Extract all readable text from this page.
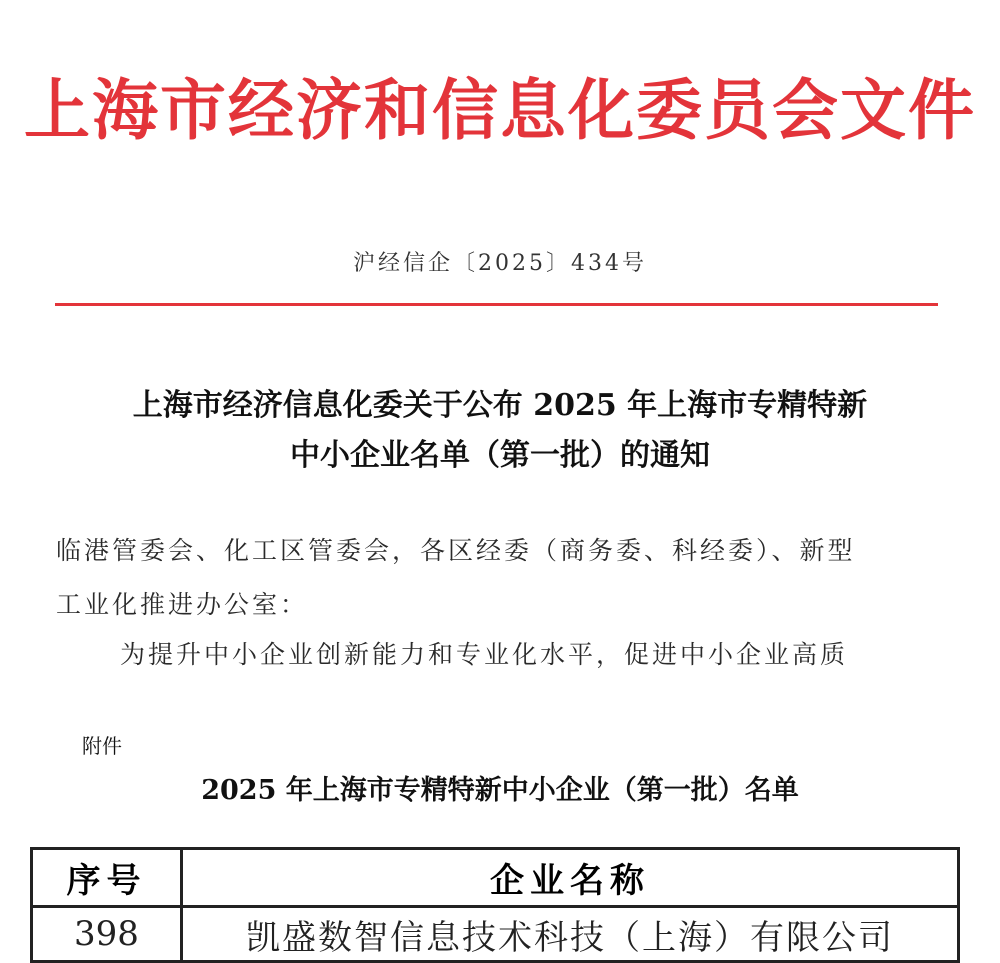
上海市经济和信息化委员会文件
沪经信企〔2025〕434号
上海市经济信息化委关于公布 2025 年上海市专精特新
中小企业名单（第一批）的通知
临港管委会、化工区管委会，各区经委（商务委、科经委）、新型
工业化推进办公室：
为提升中小企业创新能力和专业化水平，促进中小企业高质
附件
2025 年上海市专精特新中小企业（第一批）名单
序号	企业名称
398	凯盛数智信息技术科技（上海）有限公司
